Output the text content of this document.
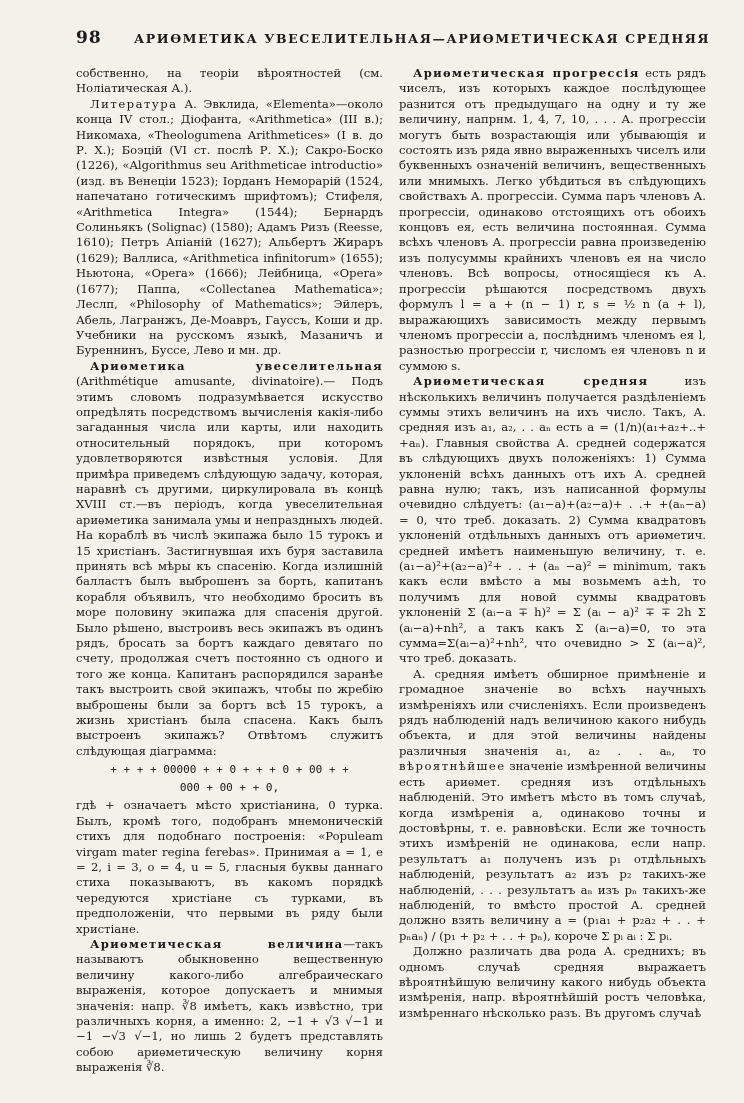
98	АРИѲМЕТИКА УВЕСЕЛИТЕЛЬНАЯ—АРИѲМЕТИЧЕСКАЯ СРЕДНЯЯ

собственно, на теоріи вѣроятностей (см. Ноліатическая А.).

Литература А. Эвклида, «Elementa»—около конца IV стол.; Діофанта, «Arithmetica» (III в.); Никомаха, «Theologumena Arithmetices» (I в. до Р. Х.); Боэцій (VI ст. послѣ Р. Х.); Сакро-Боско (1226), «Algorithmus seu Arithmeticae introductio» (изд. въ Венеціи 1523); Іорданъ Неморарій (1524, напечатано готическимъ шрифтомъ); Стифеля, «Arithmetica Integra» (1544); Бернардъ Солиньякъ (Solignac) (1580); Адамъ Ризъ (Reesse, 1610); Петръ Апіаній (1627); Альбертъ Жираръ (1629); Валлиса, «Arithmetica infinitorum» (1655); Ньютона, «Opera» (1666); Лейбница, «Opera» (1677); Паппа, «Collectanea Mathematica»; Леслп, «Philosophy of Mathematics»; Эйлеръ, Абель, Лагранжъ, Де-Моавръ, Гауссъ, Коши и др. Учебники на русскомъ языкѣ, Мазаничъ и Буреннинъ, Буссе, Лево и мн. др.

Ариѳметика увеселительная (Arithmétique amusante, divinatoire).— Подъ этимъ словомъ подразумѣвается искусство опредѣлять посредствомъ вычисленія какія-либо загаданныя числа или карты, или находить относительный порядокъ, при которомъ удовлетворяются извѣстныя условія. Для примѣра приведемъ слѣдующую задачу, которая, наравнѣ съ другими, циркулировала въ концѣ XVIII ст.—въ періодъ, когда увеселительная ариѳметика занимала умы и непраздныхъ людей. На кораблѣ въ числѣ экипажа было 15 турокъ и 15 христіанъ. Застигнувшая ихъ буря заставила принять всѣ мѣры къ спасенію. Когда излишній балластъ былъ выброшенъ за борть, капитанъ корабля объявилъ, что необходимо бросить въ море половину экипажа для спасенія другой. Было рѣшено, выстроивъ весь экипажъ въ одинъ рядъ, бросать за бортъ каждаго девятаго по счету, продолжая счетъ постоянно съ одного и того же конца. Капитанъ распорядился заранѣе такъ выстроить свой экипажъ, чтобы по жребію выброшены были за бортъ всѣ 15 турокъ, а жизнь христіанъ была спасена. Какъ былъ выстроенъ экипажъ? Отвѣтомъ служитъ слѣдующая діаграмма:

+ + + + 00000 + + 0 + + + 0 + 00 + +

000 + 00 + + 0,

гдѣ + означаетъ мѣсто христіанина, 0 турка. Былъ, кромѣ того, подобранъ мнемоническій стихъ для подобнаго построенія: «Populeam virgam mater regina ferebas». Принимая a = 1, e = 2, i = 3, o = 4, u = 5, гласныя буквы даннаго стиха показываютъ, въ какомъ порядкѣ чередуются христіане съ турками, въ предположеніи, что первыми въ ряду были христіане.

Ариѳметическая величина—такъ называютъ обыкновенно вещественную величину какого-либо алгебраическаго выраженія, которое допускаетъ и мнимыя значенія: напр. ∛8 имѣетъ, какъ извѣстно, три различныхъ корня, а именно: 2, −1 + √3 √−1 и −1 −√3 √−1, но лишь 2 будетъ представлять собою ариѳметическую величину корня выраженія ∛8.

Ариѳметическая прогрессія есть рядъ чиселъ, изъ которыхъ каждое послѣдующее разнится отъ предыдущаго на одну и ту же величину, напрнм. 1, 4, 7, 10, . . . А. прогрессіи могутъ быть возрастающія или убывающія и состоять изъ ряда явно выраженныхъ чиселъ или буквенныхъ означеній величинъ, вещественныхъ или мнимыхъ. Легко убѣдиться въ слѣдующихъ свойствахъ А. прогрессіи. Сумма паръ членовъ А. прогрессіи, одинаково отстоящихъ отъ обоихъ концовъ ея, есть величина постоянная. Сумма всѣхъ членовъ А. прогрессіи равна произведенію изъ полусуммы крайнихъ членовъ ея на число членовъ. Всѣ вопросы, относящіеся къ А. прогрессіи рѣшаются посредствомъ двухъ формулъ l = a + (n − 1) r, s = ½ n (a + l), выражающихъ зависимость между первымъ членомъ прогрессіи a, послѣднимъ членомъ ея l, разностью прогрессіи r, числомъ ея членовъ n и суммою s.

Ариѳметическая средняя изъ нѣсколькихъ величинъ получается раздѣленіемъ суммы этихъ величинъ на ихъ число. Такъ, А. средняя изъ a₁, a₂, . . aₙ есть a = (1/n)(a₁+a₂+..+ +aₙ). Главныя свойства А. средней содержатся въ слѣдующихъ двухъ положеніяхъ: 1) Сумма уклоненій всѣхъ данныхъ отъ ихъ А. средней равна нулю; такъ, изъ написанной формулы очевидно слѣдуетъ: (a₁−a)+(a₂−a)+ . .+ +(aₙ−a) = 0, что треб. доказать. 2) Сумма квадратовъ уклоненій отдѣльныхъ данныхъ отъ ариѳметич. средней имѣетъ наименьшую величину, т. е. (a₁−a)²+(a₂−a)²+ . . + (aₙ −a)² = minimum, такъ какъ если вмѣсто a мы возьмемъ a±h, то получимъ для новой суммы квадратовъ уклоненій Σ (aᵢ−a ∓ h)² = Σ (aᵢ − a)² ∓ ∓ 2h Σ (aᵢ−a)+nh², а такъ какъ Σ (aᵢ−a)=0, то эта сумма=Σ(aᵢ−a)²+nh², что очевидно > Σ (aᵢ−a)², что треб. доказать.

А. средняя имѣетъ обширное примѣненіе и громадное значеніе во всѣхъ научныхъ измѣреніяхъ или счисленіяхъ. Если произведенъ рядъ наблюденій надъ величиною какого нибудь объекта, и для этой величины найдены различныя значенія a₁, a₂ . . aₙ, то вѣроятнѣйшее значеніе измѣренной величины есть ариѳмет. средняя изъ отдѣльныхъ наблюденій. Это имѣетъ мѣсто въ томъ случаѣ, когда измѣренія a, одинаково точны и достовѣрны, т. е. равновѣски. Если же точность этихъ измѣреній не одинакова, если напр. результатъ a₁ полученъ изъ p₁ отдѣльныхъ наблюденій, результатъ a₂ изъ p₂ такихъ-же наблюденій, . . . результатъ aₙ изъ pₙ такихъ-же наблюденій, то вмѣсто простой А. средней должно взять величину a = (p₁a₁ + p₂a₂ + . . + pₙaₙ) / (p₁ + p₂ + . . + pₙ), короче Σ pᵢ aᵢ : Σ pᵢ.

Должно различать два рода А. среднихъ; въ одномъ случаѣ средняя выражаетъ вѣроятнѣйшую величину какого нибудь объекта измѣренія, напр. вѣроятнѣйшій ростъ человѣка, измѣреннаго нѣсколько разъ. Въ другомъ случаѣ
